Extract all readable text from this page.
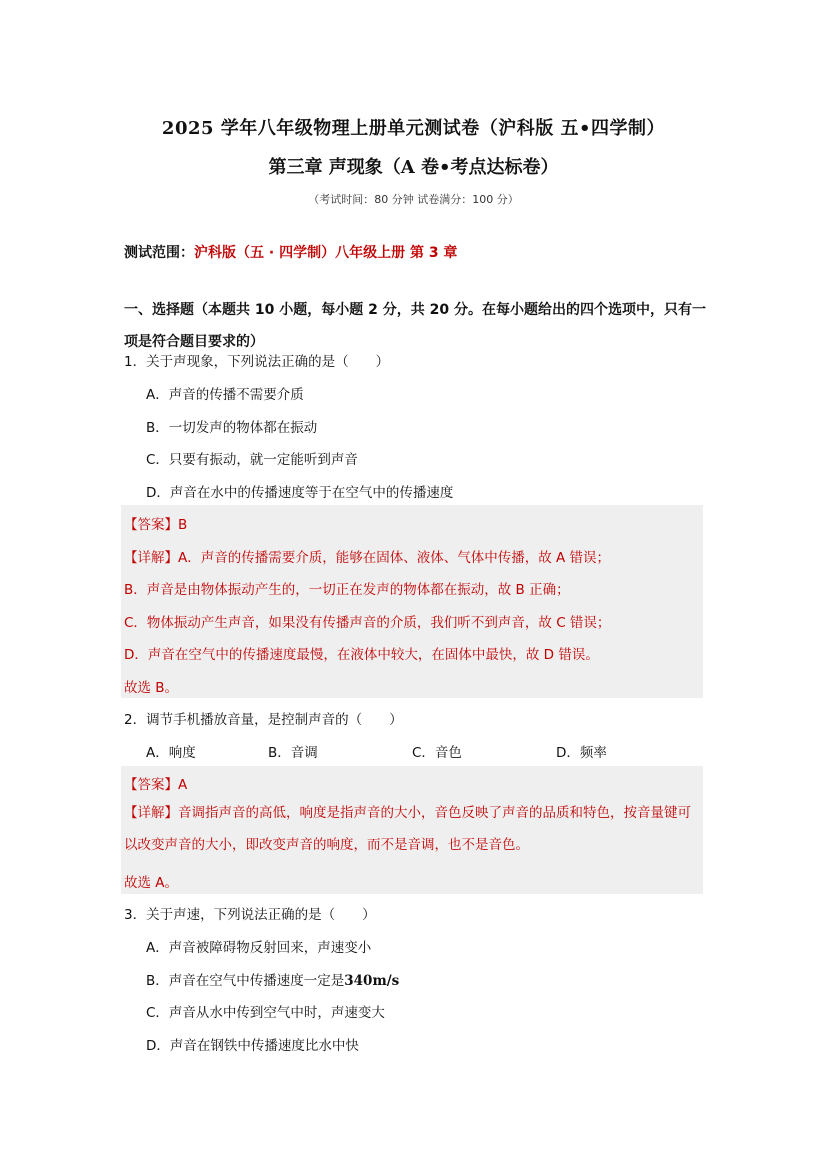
2025 学年八年级物理上册单元测试卷（沪科版 五•四学制）
第三章 声现象（A 卷•考点达标卷）
（考试时间：80 分钟 试卷满分：100 分）
测试范围：沪科版（五 · 四学制）八年级上册 第 3 章
一、选择题（本题共 10 小题，每小题 2 分，共 20 分。在每小题给出的四个选项中，只有一项是符合题目要求的）
1．关于声现象，下列说法正确的是（　　）
A．声音的传播不需要介质
B．一切发声的物体都在振动
C．只要有振动，就一定能听到声音
D．声音在水中的传播速度等于在空气中的传播速度
【答案】B
【详解】A．声音的传播需要介质，能够在固体、液体、气体中传播，故 A 错误；
B．声音是由物体振动产生的，一切正在发声的物体都在振动，故 B 正确；
C．物体振动产生声音，如果没有传播声音的介质，我们听不到声音，故 C 错误；
D．声音在空气中的传播速度最慢，在液体中较大，在固体中最快，故 D 错误。
故选 B。
2．调节手机播放音量，是控制声音的（　　）
A．响度	B．音调	C．音色	D．频率
【答案】A
【详解】音调指声音的高低，响度是指声音的大小，音色反映了声音的品质和特色，按音量键可以改变声音的大小，即改变声音的响度，而不是音调，也不是音色。
故选 A。
3．关于声速，下列说法正确的是（　　）
A．声音被障碍物反射回来，声速变小
B．声音在空气中传播速度一定是340m/s
C．声音从水中传到空气中时，声速变大
D．声音在钢铁中传播速度比水中快
